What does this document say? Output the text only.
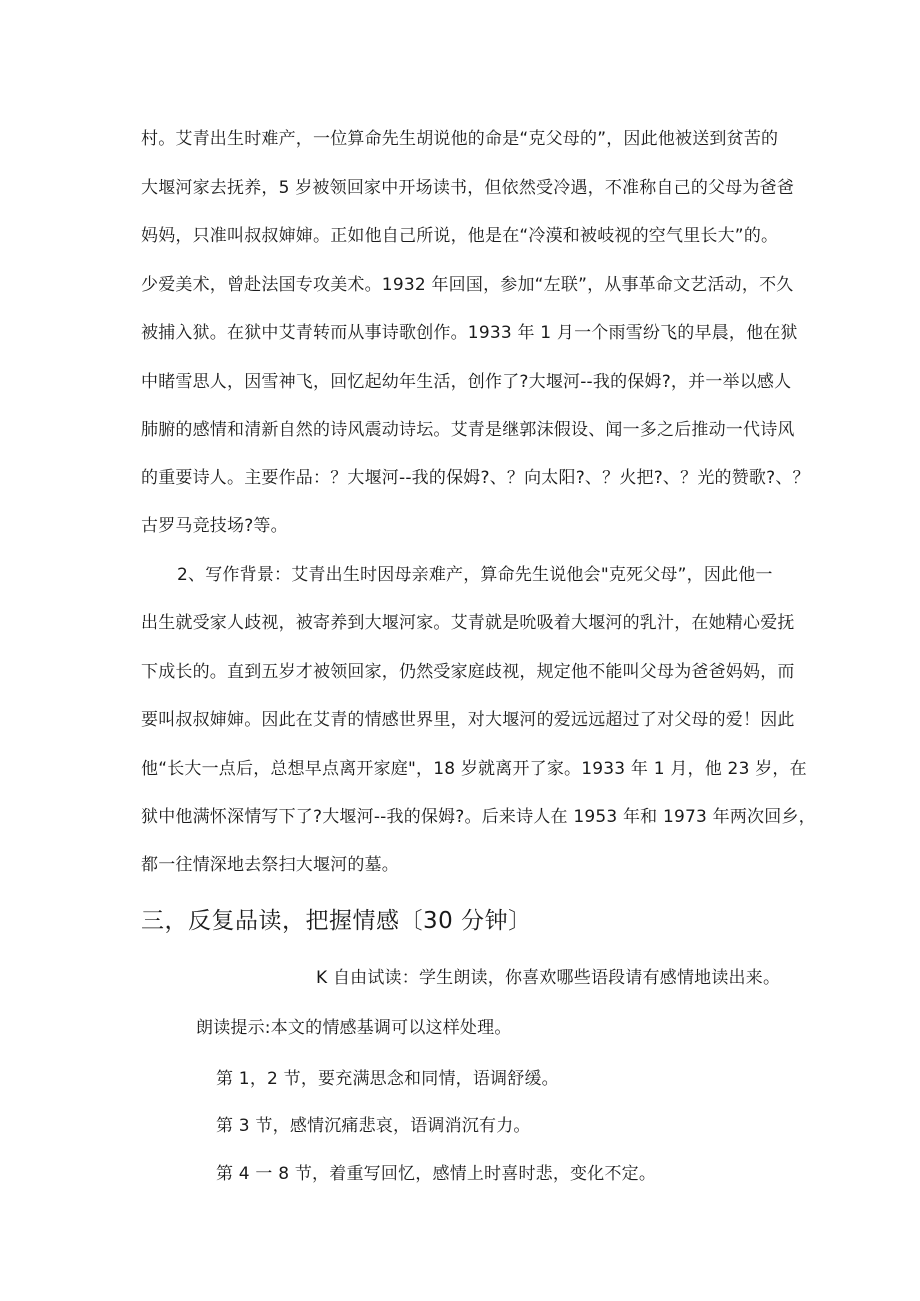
村。艾青出生时难产，一位算命先生胡说他的命是“克父母的”，因此他被送到贫苦的
大堰河家去抚养，5 岁被领回家中开场读书，但依然受冷遇，不准称自己的父母为爸爸
妈妈，只准叫叔叔婶婶。正如他自己所说，他是在“冷漠和被岐视的空气里长大”的。
少爱美术，曾赴法国专攻美术。1932 年回国，参加“左联”，从事革命文艺活动，不久
被捕入狱。在狱中艾青转而从事诗歌创作。1933 年 1 月一个雨雪纷飞的早晨，他在狱
中睹雪思人，因雪神飞，回忆起幼年生活，创作了?大堰河--我的保姆?，并一举以感人
肺腑的感情和清新自然的诗风震动诗坛。艾青是继郭沫假设、闻一多之后推动一代诗风
的重要诗人。主要作品：？大堰河--我的保姆?、？向太阳?、？火把?、？光的赞歌?、？
古罗马竞技场?等。
2、写作背景：艾青出生时因母亲难产，算命先生说他会"克死父母”，因此他一
出生就受家人歧视，被寄养到大堰河家。艾青就是吮吸着大堰河的乳汁，在她精心爱抚
下成长的。直到五岁才被领回家，仍然受家庭歧视，规定他不能叫父母为爸爸妈妈，而
要叫叔叔婶婶。因此在艾青的情感世界里，对大堰河的爱远远超过了对父母的爱！因此
他“长大一点后，总想早点离开家庭"，18 岁就离开了家。1933 年 1 月，他 23 岁，在
狱中他满怀深情写下了?大堰河--我的保姆?。后来诗人在 1953 年和 1973 年两次回乡，
都一往情深地去祭扫大堰河的墓。
三，反复品读，把握情感〔30 分钟〕
K 自由试读：学生朗读，你喜欢哪些语段请有感情地读出来。
朗读提示:本文的情感基调可以这样处理。
第 1，2 节，要充满思念和同情，语调舒缓。
第 3 节，感情沉痛悲哀，语调消沉有力。
第 4 一 8 节，着重写回忆，感情上时喜时悲，变化不定。
